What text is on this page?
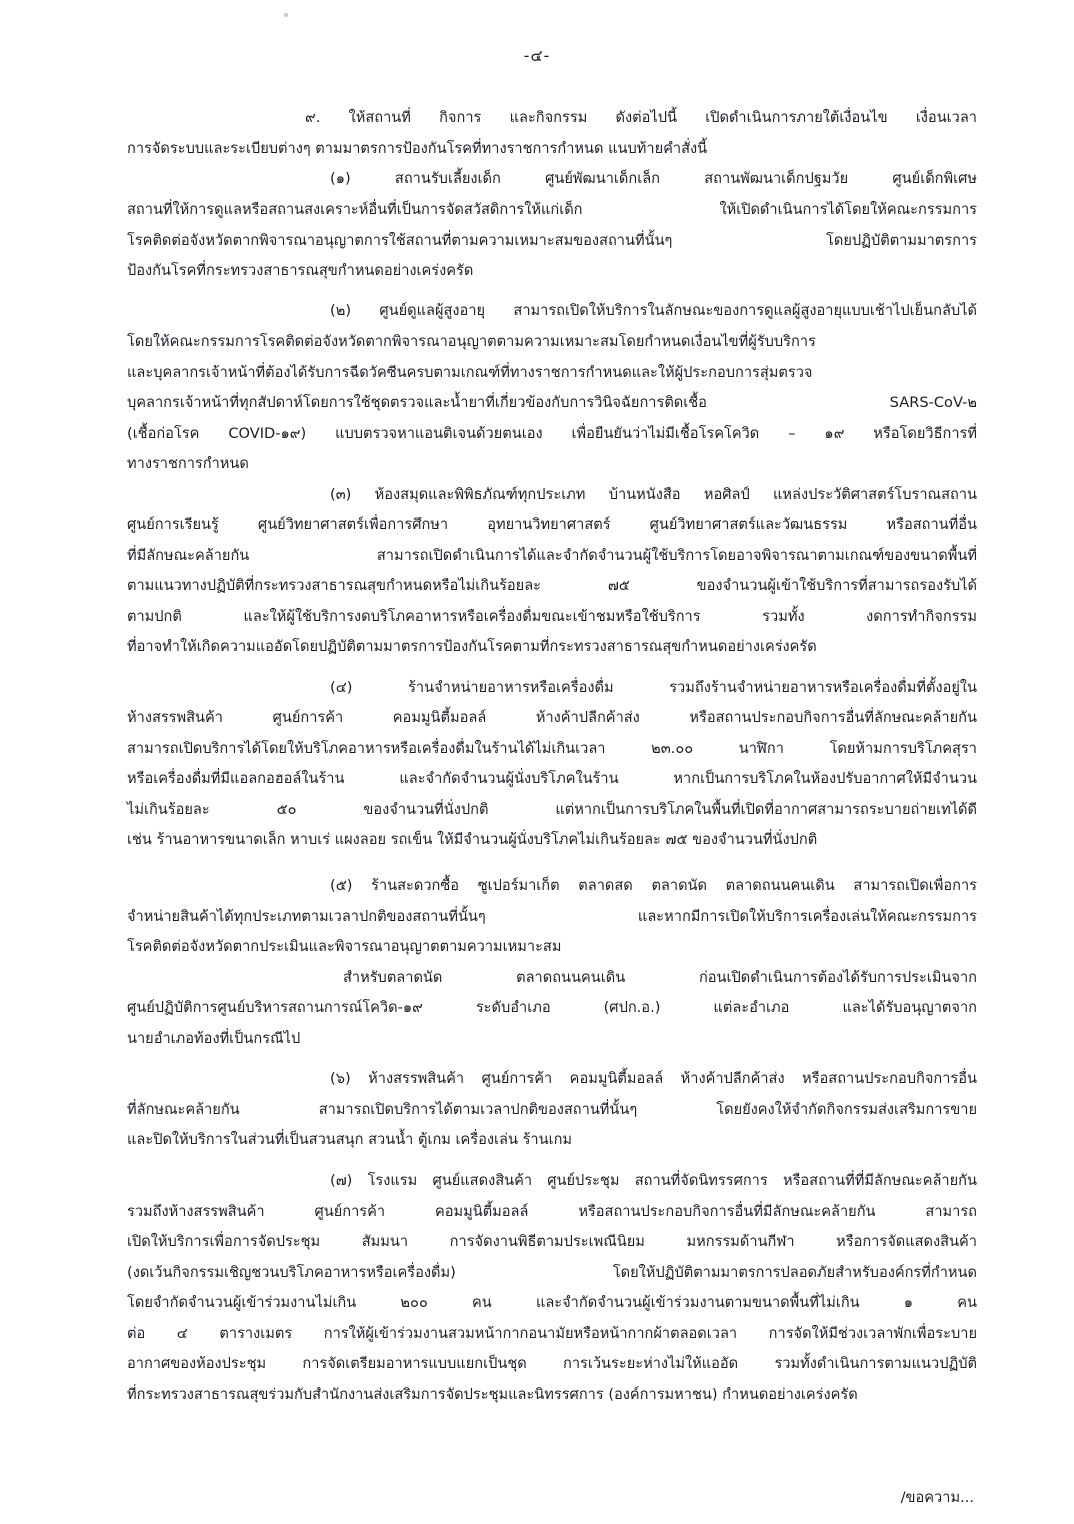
-๔-
๙. ให้สถานที่ กิจการ และกิจกรรม ดังต่อไปนี้ เปิดดำเนินการภายใต้เงื่อนไข เงื่อนเวลา
การจัดระบบและระเบียบต่างๆ ตามมาตรการป้องกันโรคที่ทางราชการกำหนด แนบท้ายคำสั่งนี้
(๑) สถานรับเลี้ยงเด็ก ศูนย์พัฒนาเด็กเล็ก สถานพัฒนาเด็กปฐมวัย ศูนย์เด็กพิเศษ
สถานที่ให้การดูแลหรือสถานสงเคราะห์อื่นที่เป็นการจัดสวัสดิการให้แก่เด็ก ให้เปิดดำเนินการได้โดยให้คณะกรรมการ
โรคติดต่อจังหวัดตากพิจารณาอนุญาตการใช้สถานที่ตามความเหมาะสมของสถานที่นั้นๆ โดยปฏิบัติตามมาตรการ
ป้องกันโรคที่กระทรวงสาธารณสุขกำหนดอย่างเคร่งครัด
(๒) ศูนย์ดูแลผู้สูงอายุ สามารถเปิดให้บริการในลักษณะของการดูแลผู้สูงอายุแบบเช้าไปเย็นกลับได้
โดยให้คณะกรรมการโรคติดต่อจังหวัดตากพิจารณาอนุญาตตามความเหมาะสมโดยกำหนดเงื่อนไขที่ผู้รับบริการ
และบุคลากรเจ้าหน้าที่ต้องได้รับการฉีดวัคซีนครบตามเกณฑ์ที่ทางราชการกำหนดและให้ผู้ประกอบการสุ่มตรวจ
บุคลากรเจ้าหน้าที่ทุกสัปดาห์โดยการใช้ชุดตรวจและน้ำยาที่เกี่ยวข้องกับการวินิจฉัยการติดเชื้อ SARS-CoV-๒
(เชื้อก่อโรค COVID-๑๙) แบบตรวจหาแอนติเจนด้วยตนเอง เพื่อยืนยันว่าไม่มีเชื้อโรคโควิด – ๑๙ หรือโดยวิธีการที่
ทางราชการกำหนด
(๓) ห้องสมุดและพิพิธภัณฑ์ทุกประเภท บ้านหนังสือ หอศิลป์ แหล่งประวัติศาสตร์โบราณสถาน
ศูนย์การเรียนรู้ ศูนย์วิทยาศาสตร์เพื่อการศึกษา อุทยานวิทยาศาสตร์ ศูนย์วิทยาศาสตร์และวัฒนธรรม หรือสถานที่อื่น
ที่มีลักษณะคล้ายกัน สามารถเปิดดำเนินการได้และจำกัดจำนวนผู้ใช้บริการโดยอาจพิจารณาตามเกณฑ์ของขนาดพื้นที่
ตามแนวทางปฏิบัติที่กระทรวงสาธารณสุขกำหนดหรือไม่เกินร้อยละ ๗๕ ของจำนวนผู้เข้าใช้บริการที่สามารถรองรับได้
ตามปกติ และให้ผู้ใช้บริการงดบริโภคอาหารหรือเครื่องดื่มขณะเข้าชมหรือใช้บริการ รวมทั้ง งดการทำกิจกรรม
ที่อาจทำให้เกิดความแออัดโดยปฏิบัติตามมาตรการป้องกันโรคตามที่กระทรวงสาธารณสุขกำหนดอย่างเคร่งครัด
(๔) ร้านจำหน่ายอาหารหรือเครื่องดื่ม รวมถึงร้านจำหน่ายอาหารหรือเครื่องดื่มที่ตั้งอยู่ใน
ห้างสรรพสินค้า ศูนย์การค้า คอมมูนิตี้มอลล์ ห้างค้าปลีกค้าส่ง หรือสถานประกอบกิจการอื่นที่ลักษณะคล้ายกัน
สามารถเปิดบริการได้โดยให้บริโภคอาหารหรือเครื่องดื่มในร้านได้ไม่เกินเวลา ๒๓.๐๐ นาฬิกา โดยห้ามการบริโภคสุรา
หรือเครื่องดื่มที่มีแอลกอฮอล์ในร้าน และจำกัดจำนวนผู้นั่งบริโภคในร้าน หากเป็นการบริโภคในห้องปรับอากาศให้มีจำนวน
ไม่เกินร้อยละ ๕๐ ของจำนวนที่นั่งปกติ แต่หากเป็นการบริโภคในพื้นที่เปิดที่อากาศสามารถระบายถ่ายเทได้ดี
เช่น ร้านอาหารขนาดเล็ก หาบเร่ แผงลอย รถเข็น ให้มีจำนวนผู้นั่งบริโภคไม่เกินร้อยละ ๗๕ ของจำนวนที่นั่งปกติ
(๕) ร้านสะดวกซื้อ ซูเปอร์มาเก็ต ตลาดสด ตลาดนัด ตลาดถนนคนเดิน สามารถเปิดเพื่อการ
จำหน่ายสินค้าได้ทุกประเภทตามเวลาปกติของสถานที่นั้นๆ และหากมีการเปิดให้บริการเครื่องเล่นให้คณะกรรมการ
โรคติดต่อจังหวัดตากประเมินและพิจารณาอนุญาตตามความเหมาะสม
สำหรับตลาดนัด ตลาดถนนคนเดิน ก่อนเปิดดำเนินการต้องได้รับการประเมินจาก
ศูนย์ปฏิบัติการศูนย์บริหารสถานการณ์โควิด-๑๙ ระดับอำเภอ (ศปก.อ.) แต่ละอำเภอ และได้รับอนุญาตจาก
นายอำเภอท้องที่เป็นกรณีไป
(๖) ห้างสรรพสินค้า ศูนย์การค้า คอมมูนิตี้มอลล์ ห้างค้าปลีกค้าส่ง หรือสถานประกอบกิจการอื่น
ที่ลักษณะคล้ายกัน สามารถเปิดบริการได้ตามเวลาปกติของสถานที่นั้นๆ โดยยังคงให้จำกัดกิจกรรมส่งเสริมการขาย
และปิดให้บริการในส่วนที่เป็นสวนสนุก สวนน้ำ ตู้เกม เครื่องเล่น ร้านเกม
(๗) โรงแรม ศูนย์แสดงสินค้า ศูนย์ประชุม สถานที่จัดนิทรรศการ หรือสถานที่ที่มีลักษณะคล้ายกัน
รวมถึงห้างสรรพสินค้า ศูนย์การค้า คอมมูนิตี้มอลล์ หรือสถานประกอบกิจการอื่นที่มีลักษณะคล้ายกัน สามารถ
เปิดให้บริการเพื่อการจัดประชุม สัมมนา การจัดงานพิธีตามประเพณีนิยม มหกรรมด้านกีฬา หรือการจัดแสดงสินค้า
(งดเว้นกิจกรรมเชิญชวนบริโภคอาหารหรือเครื่องดื่ม) โดยให้ปฏิบัติตามมาตรการปลอดภัยสำหรับองค์กรที่กำหนด
โดยจำกัดจำนวนผู้เข้าร่วมงานไม่เกิน ๒๐๐ คน และจำกัดจำนวนผู้เข้าร่วมงานตามขนาดพื้นที่ไม่เกิน ๑ คน
ต่อ ๔ ตารางเมตร การให้ผู้เข้าร่วมงานสวมหน้ากากอนามัยหรือหน้ากากผ้าตลอดเวลา การจัดให้มีช่วงเวลาพักเพื่อระบาย
อากาศของห้องประชุม การจัดเตรียมอาหารแบบแยกเป็นชุด การเว้นระยะห่างไม่ให้แออัด รวมทั้งดำเนินการตามแนวปฏิบัติ
ที่กระทรวงสาธารณสุขร่วมกับสำนักงานส่งเสริมการจัดประชุมและนิทรรศการ (องค์การมหาชน) กำหนดอย่างเคร่งครัด
/ขอความ...
